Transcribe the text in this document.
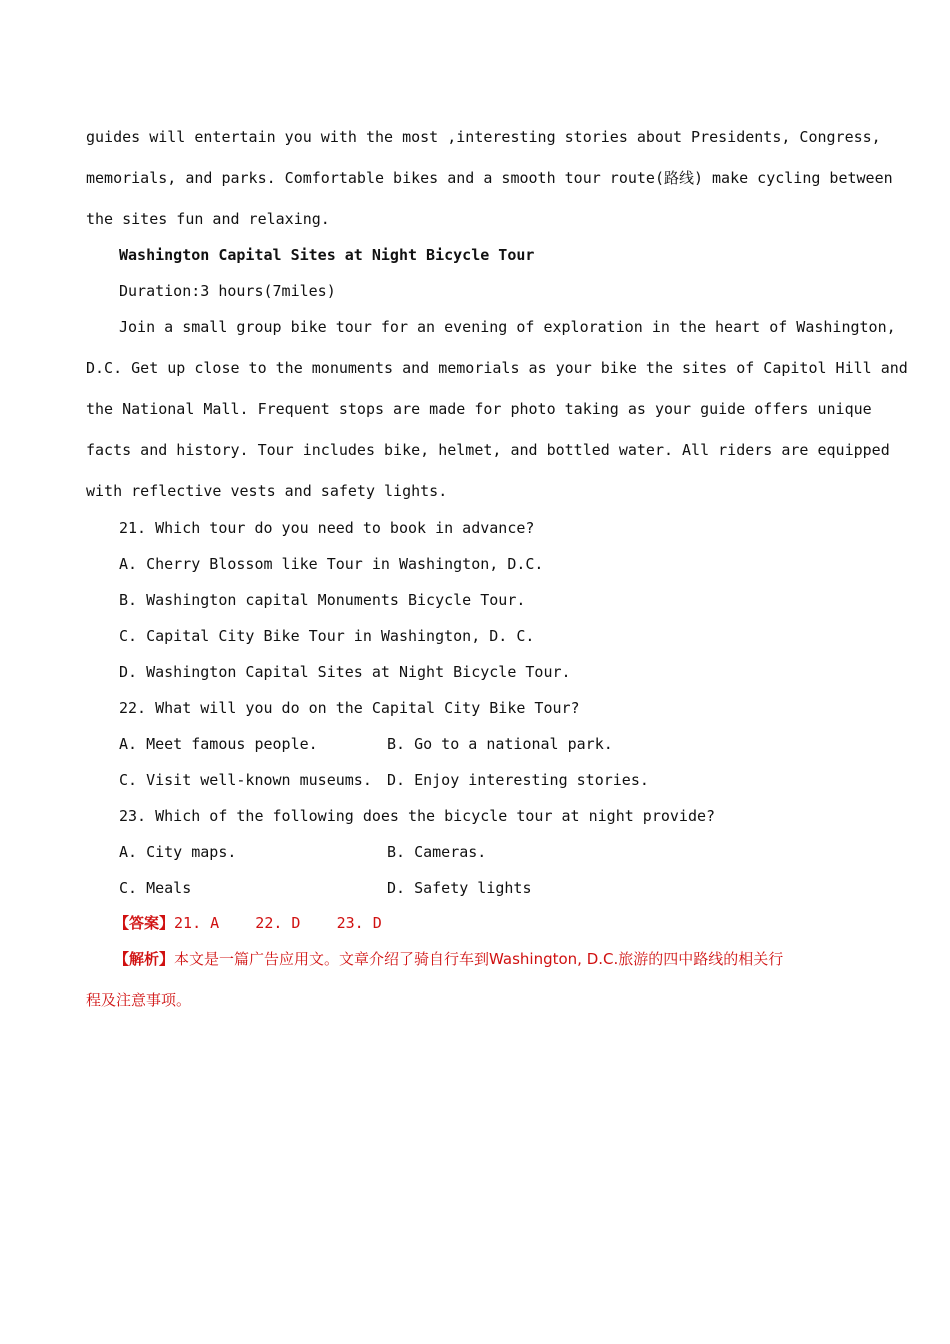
guides will entertain you with the most ,interesting stories about Presidents, Congress,
memorials, and parks. Comfortable bikes and a smooth tour route(路线) make cycling between
the sites fun and relaxing.
Washington Capital Sites at Night Bicycle Tour
Duration:3 hours(7miles)
Join a small group bike tour for an evening of exploration in the heart of Washington,
D.C. Get up close to the monuments and memorials as your bike the sites of Capitol Hill and
the National Mall. Frequent stops are made for photo taking as your guide offers unique
facts and history. Tour includes bike, helmet, and bottled water. All riders are equipped
with reflective vests and safety lights.
21. Which tour do you need to book in advance?
A. Cherry Blossom like Tour in Washington, D.C.
B. Washington capital Monuments Bicycle Tour.
C. Capital City Bike Tour in Washington, D. C.
D. Washington Capital Sites at Night Bicycle Tour.
22. What will you do on the Capital City Bike Tour?
A. Meet famous people.	B. Go to a national park.
C. Visit well-known museums. D. Enjoy interesting stories.
23. Which of the following does the bicycle tour at night provide?
A. City maps.	B. Cameras.
C. Meals	D. Safety lights
【答案】21. A    22. D    23. D
【解析】本文是一篇广告应用文。文章介绍了骑自行车到Washington, D.C.旅游的四中路线的相关行
程及注意事项。
